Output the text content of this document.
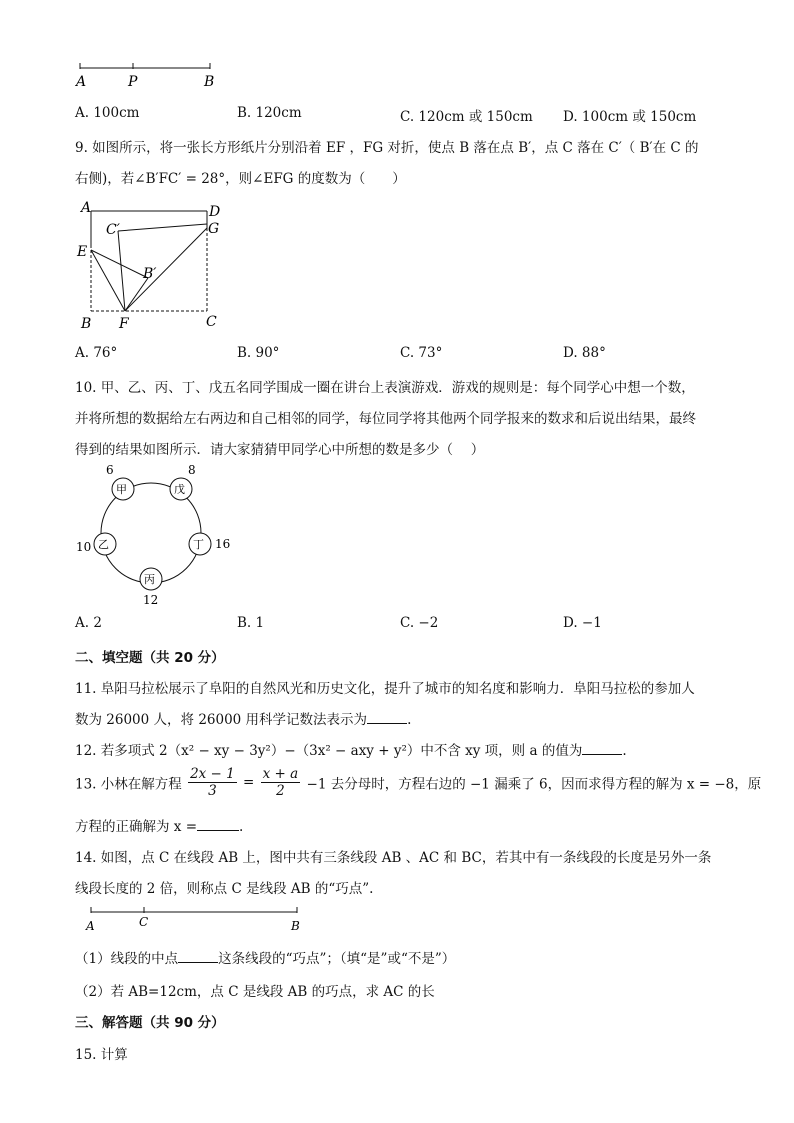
A	P	B
A. 100cm	B. 120cm	C. 120cm 或 150cm D. 100cm 或 150cm
9. 如图所示，将一张长方形纸片分别沿着 EF ，FG 对折，使点 B 落在点 B′，点 C 落在 C′（ B′在 C 的
右侧)，若∠B′FC′ = 28°，则∠EFG 的度数为（　　）
A	D
C′	G
E
B′
B F	C
A. 76°	B. 90°	C. 73°	D. 88°
10. 甲、乙、丙、丁、戊五名同学围成一圈在讲台上表演游戏．游戏的规则是：每个同学心中想一个数，
并将所想的数据给左右两边和自己相邻的同学，每位同学将其他两个同学报来的数求和后说出结果，最终
得到的结果如图所示．请大家猜猜甲同学心中所想的数是多少（　 ）
甲	戊
乙	丁
丙
6	8
10	16
12
A. 2	B. 1	C. −2	D. −1
二、填空题（共 20 分）
11. 阜阳马拉松展示了阜阳的自然风光和历史文化，提升了城市的知名度和影响力．阜阳马拉松的参加人
数为 26000 人，将 26000 用科学记数法表示为	.
12. 若多项式 2（x² − xy − 3y²）−（3x² − axy + y²）中不含 xy 项，则 a 的值为	.
13. 小林在解方程 $\frac{2x - 1}{3} = \frac{x + a}{2} -1$ 去分母时，方程右边的 −1 漏乘了 6，因而求得方程的解为 x = −8，原
方程的正确解为 x =	.
14. 如图，点 C 在线段 AB 上，图中共有三条线段 AB 、AC 和 BC，若其中有一条线段的长度是另外一条
线段长度的 2 倍，则称点 C 是线段 AB 的“巧点”.
A	C	B
（1）线段的中点	这条线段的“巧点”；（填“是”或“不是”）
（2）若 AB=12cm，点 C 是线段 AB 的巧点，求 AC 的长
三、解答题（共 90 分）
15. 计算
